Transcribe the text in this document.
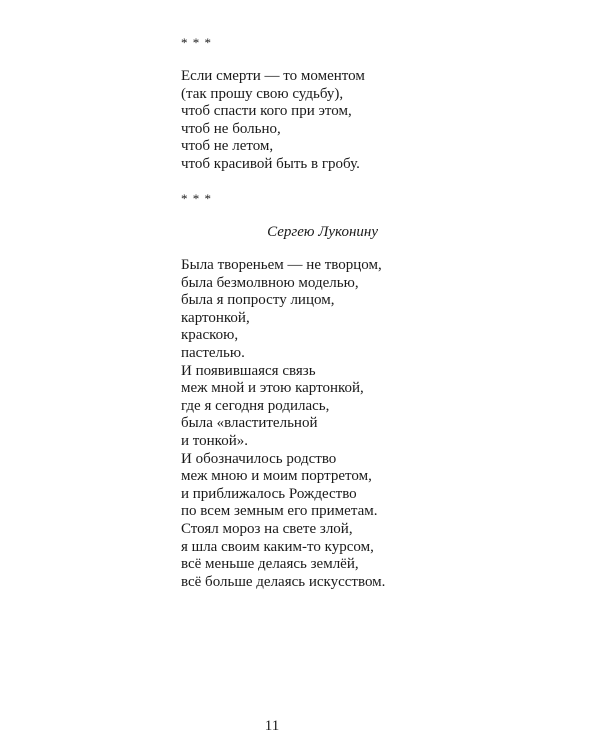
* * *
Если смерти — то моментом
(так прошу свою судьбу),
чтоб спасти кого при этом,
чтоб не больно,
чтоб не летом,
чтоб красивой быть в гробу.
* * *
Сергею Луконину
Была твореньем — не творцом,
была безмолвною моделью,
была я попросту лицом,
картонкой,
краскою,
пастелью.
И появившаяся связь
меж мной и этою картонкой,
где я сегодня родилась,
была «властительной
и тонкой».
И обозначилось родство
меж мною и моим портретом,
и приближалось Рождество
по всем земным его приметам.
Стоял мороз на свете злой,
я шла своим каким-то курсом,
всё меньше делаясь землёй,
всё больше делаясь искусством.
11
